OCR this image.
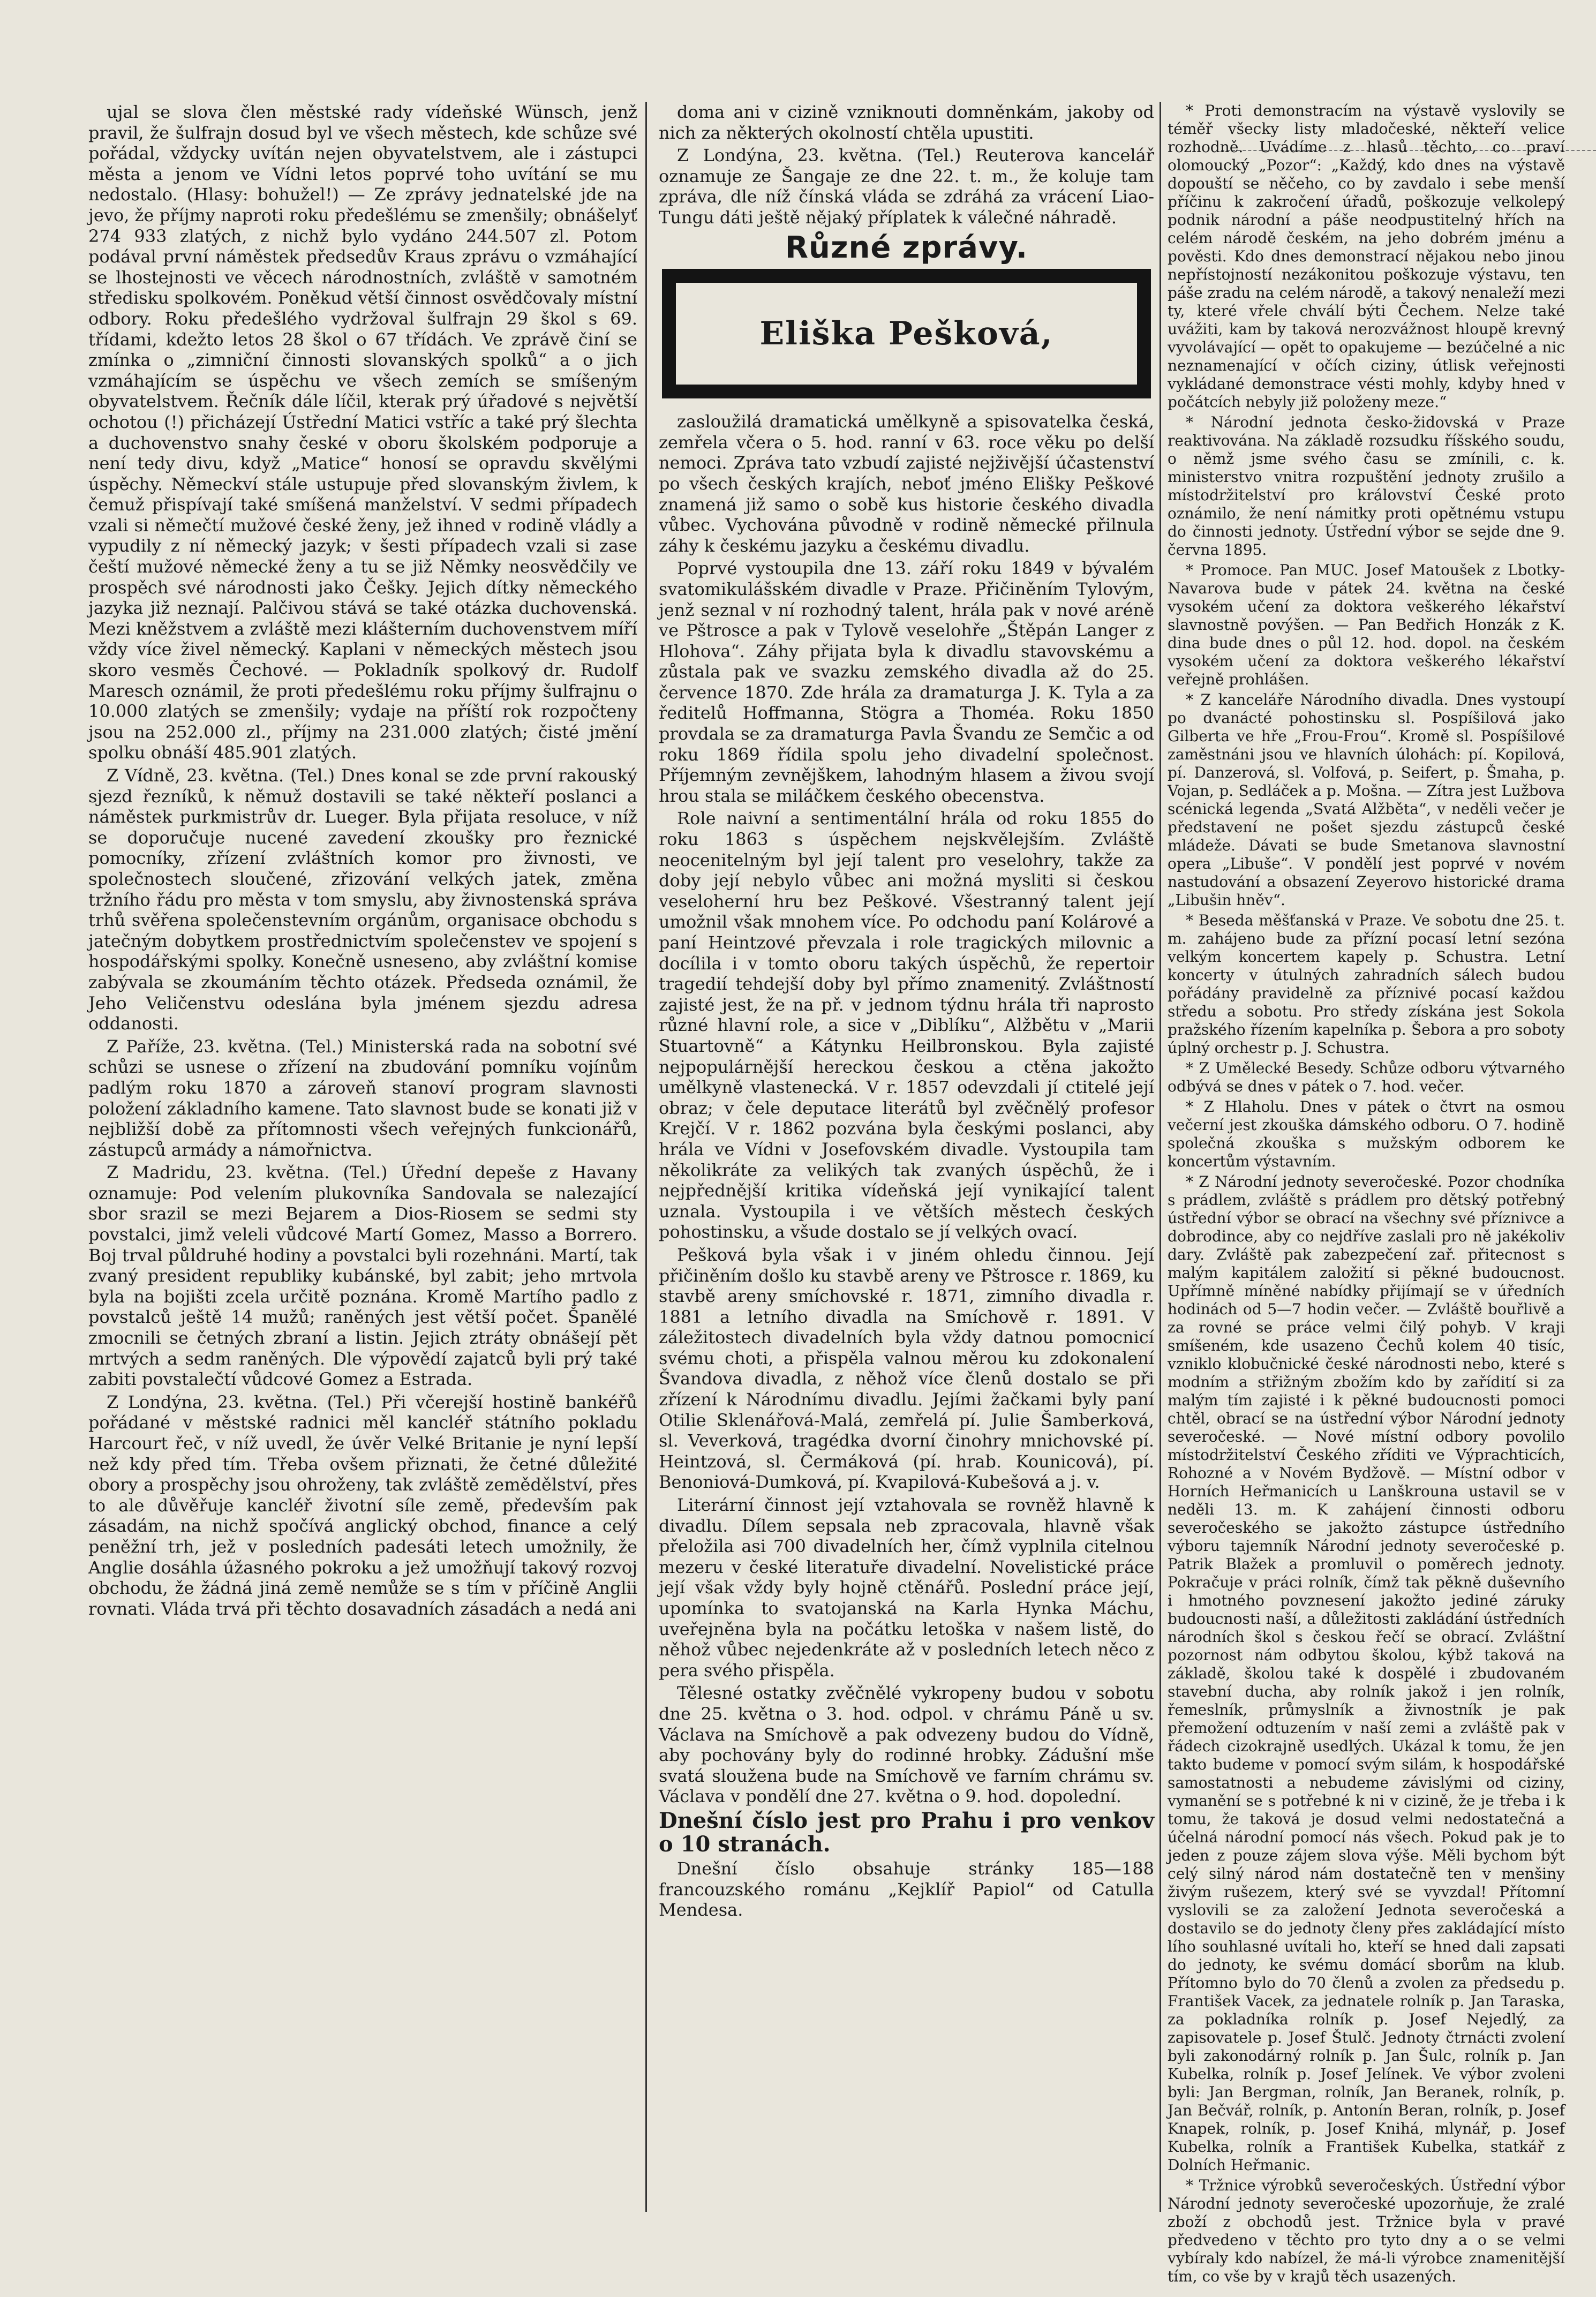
ujal se slova člen městské rady vídeňské Wünsch, jenž pravil, že šulfrajn dosud byl ve všech městech, kde schůze své pořádal, vždycky uvítán nejen obyvatelstvem, ale i zástupci města a jenom ve Vídni letos poprvé toho uvítání se mu nedostalo. (Hlasy: bohužel!) — Ze zprávy jednatelské jde na jevo, že příjmy naproti roku předešlému se zmenšily; obnášelyť 274 933 zlatých, z nichž bylo vydáno 244.507 zl. Potom podával první náměstek předsedův Kraus zprávu o vzmáhající se lhostejnosti ve věcech národnostních, zvláště v samotném středisku spolkovém. Poněkud větší činnost osvědčovaly místní odbory. Roku předešlého vydržoval šulfrajn 29 škol s 69. třídami, kdežto letos 28 škol o 67 třídách. Ve zprávě činí se zmínka o „zimniční činnosti slovanských spolků“ a o jich vzmáhajícím se úspěchu ve všech zemích se smíšeným obyvatelstvem. Řečník dále líčil, kterak prý úřadové s největší ochotou (!) přicházejí Ústřední Matici vstříc a také prý šlechta a duchovenstvo snahy české v oboru školském podporuje a není tedy divu, když „Matice“ honosí se opravdu skvělými úspěchy. Německví stále ustupuje před slovanským živlem, k čemuž přispívají také smíšená manželství. V sedmi případech vzali si němečtí mužové české ženy, jež ihned v rodině vládly a vypudily z ní německý jazyk; v šesti případech vzali si zase čeští mužové německé ženy a tu se již Němky neosvědčily ve prospěch své národnosti jako Češky. Jejich dítky německého jazyka již neznají. Palčivou stává se také otázka duchovenská. Mezi kněžstvem a zvláště mezi klášterním duchovenstvem míří vždy více živel německý. Kaplani v německých městech jsou skoro vesměs Čechové. — Pokladník spolkový dr. Rudolf Maresch oznámil, že proti předešlému roku příjmy šulfrajnu o 10.000 zlatých se zmenšily; vydaje na příští rok rozpočteny jsou na 252.000 zl., příjmy na 231.000 zlatých; čisté jmění spolku obnáší 485.901 zlatých.

Z Vídně, 23. května. (Tel.) Dnes konal se zde první rakouský sjezd řezníků, k němuž dostavili se také někteří poslanci a náměstek purkmistrův dr. Lueger. Byla přijata resoluce, v níž se doporučuje nucené zavedení zkoušky pro řeznické pomocníky, zřízení zvláštních komor pro živnosti, ve společnostech sloučené, zřizování velkých jatek, změna tržního řádu pro města v tom smyslu, aby živnostenská správa trhů svěřena společenstevním orgánům, organisace obchodu s jatečným dobytkem prostřednictvím společenstev ve spojení s hospodářskými spolky. Konečně usneseno, aby zvláštní komise zabývala se zkoumáním těchto otázek. Předseda oznámil, že Jeho Veličenstvu odeslána byla jménem sjezdu adresa oddanosti.

Z Paříže, 23. května. (Tel.) Ministerská rada na sobotní své schůzi se usnese o zřízení na zbudování pomníku vojínům padlým roku 1870 a zároveň stanoví program slavnosti položení základního kamene. Tato slavnost bude se konati již v nejbližší době za přítomnosti všech veřejných funkcionářů, zástupců armády a námořnictva.

Z Madridu, 23. května. (Tel.) Úřední depeše z Havany oznamuje: Pod velením plukovníka Sandovala se nalezající sbor srazil se mezi Bejarem a Dios-Riosem se sedmi sty povstalci, jimž veleli vůdcové Martí Gomez, Masso a Borrero. Boj trval půldruhé hodiny a povstalci byli rozehnáni. Martí, tak zvaný president republiky kubánské, byl zabit; jeho mrtvola byla na bojišti zcela určitě poznána. Kromě Martího padlo z povstalců ještě 14 mužů; raněných jest větší počet. Španělé zmocnili se četných zbraní a listin. Jejich ztráty obnášejí pět mrtvých a sedm raněných. Dle výpovědí zajatců byli prý také zabiti povstalečtí vůdcové Gomez a Estrada.

Z Londýna, 23. května. (Tel.) Při včerejší hostině bankéřů pořádané v městské radnici měl kancléř státního pokladu Harcourt řeč, v níž uvedl, že úvěr Velké Britanie je nyní lepší než kdy před tím. Třeba ovšem přiznati, že četné důležité obory a prospěchy jsou ohroženy, tak zvláště zemědělství, přes to ale důvěřuje kancléř životní síle země, především pak zásadám, na nichž spočívá anglický obchod, finance a celý peněžní trh, jež v posledních padesáti letech umožnily, že Anglie dosáhla úžasného pokroku a jež umožňují takový rozvoj obchodu, že žádná jiná země nemůže se s tím v příčině Anglii rovnati. Vláda trvá při těchto dosavadních zásadách a nedá ani

doma ani v cizině vzniknouti domněnkám, jakoby od nich za některých okolností chtěla upustiti.

Z Londýna, 23. května. (Tel.) Reuterova kancelář oznamuje ze Šangaje ze dne 22. t. m., že koluje tam zpráva, dle níž čínská vláda se zdráhá za vrácení Liao-Tungu dáti ještě nějaký příplatek k válečné náhradě.

Různé zprávy.
Eliška Pešková,

zasloužilá dramatická umělkyně a spisovatelka česká, zemřela včera o 5. hod. ranní v 63. roce věku po delší nemoci. Zpráva tato vzbudí zajisté nejživější účastenství po všech českých krajích, neboť jméno Elišky Peškové znamená již samo o sobě kus historie českého divadla vůbec. Vychována původně v rodině německé přilnula záhy k českému jazyku a českému divadlu.

Poprvé vystoupila dne 13. září roku 1849 v bývalém svatomikulášském divadle v Praze. Přičiněním Tylovým, jenž seznal v ní rozhodný talent, hrála pak v nové aréně ve Pštrosce a pak v Tylově veselohře „Štěpán Langer z Hlohova“. Záhy přijata byla k divadlu stavovskému a zůstala pak ve svazku zemského divadla až do 25. července 1870. Zde hrála za dramaturga J. K. Tyla a za ředitelů Hoffmanna, Stögra a Thoméa. Roku 1850 provdala se za dramaturga Pavla Švandu ze Semčic a od roku 1869 řídila spolu jeho divadelní společnost. Příjemným zevnějškem, lahodným hlasem a živou svojí hrou stala se miláčkem českého obecenstva.

Role naivní a sentimentální hrála od roku 1855 do roku 1863 s úspěchem nejskvělejším. Zvláště neocenitelným byl její talent pro veselohry, takže za doby její nebylo vůbec ani možná mysliti si českou veseloherní hru bez Peškové. Všestranný talent její umožnil však mnohem více. Po odchodu paní Kolárové a paní Heintzové převzala i role tragických milovnic a docílila i v tomto oboru takých úspěchů, že repertoir tragedií tehdejší doby byl přímo znamenitý. Zvláštností zajisté jest, že na př. v jednom týdnu hrála tři naprosto různé hlavní role, a sice v „Diblíku“, Alžbětu v „Marii Stuartovně“ a Kátynku Heilbronskou. Byla zajisté nejpopulárnější hereckou českou a ctěna jakožto umělkyně vlastenecká. V r. 1857 odevzdali jí ctitelé její obraz; v čele deputace literátů byl zvěčnělý profesor Krejčí. V r. 1862 pozvána byla českými poslanci, aby hrála ve Vídni v Josefovském divadle. Vystoupila tam několikráte za velikých tak zvaných úspěchů, že i nejpřednější kritika vídeňská její vynikající talent uznala. Vystoupila i ve větších městech českých pohostinsku, a všude dostalo se jí velkých ovací.

Pešková byla však i v jiném ohledu činnou. Její přičiněním došlo ku stavbě areny ve Pštrosce r. 1869, ku stavbě areny smíchovské r. 1871, zimního divadla r. 1881 a letního divadla na Smíchově r. 1891. V záležitostech divadelních byla vždy datnou pomocnicí svému choti, a přispěla valnou měrou ku zdokonalení Švandova divadla, z něhož více členů dostalo se při zřízení k Národnímu divadlu. Jejími žačkami byly paní Otilie Sklenářová-Malá, zemřelá pí. Julie Šamberková, sl. Veverková, tragédka dvorní činohry mnichovské pí. Heintzová, sl. Čermáková (pí. hrab. Kounicová), pí. Benoniová-Dumková, pí. Kvapilová-Kubešová a j. v.

Literární činnost její vztahovala se rovněž hlavně k divadlu. Dílem sepsala neb zpracovala, hlavně však přeložila asi 700 divadelních her, čímž vyplnila citelnou mezeru v české literatuře divadelní. Novelistické práce její však vždy byly hojně ctěnářů. Poslední práce její, upomínka to svatojanská na Karla Hynka Máchu, uveřejněna byla na počátku letoška v našem listě, do něhož vůbec nejedenkráte až v posledních letech něco z pera svého přispěla.

Tělesné ostatky zvěčnělé vykropeny budou v sobotu dne 25. května o 3. hod. odpol. v chrámu Páně u sv. Václava na Smíchově a pak odvezeny budou do Vídně, aby pochovány byly do rodinné hrobky. Zádušní mše svatá sloužena bude na Smíchově ve farním chrámu sv. Václava v pondělí dne 27. května o 9. hod. dopolední.

Dnešní číslo jest pro Prahu i pro venkov o 10 stranách.

Dnešní číslo obsahuje stránky 185—188 francouzského románu „Kejklíř Papiol“ od Catulla Mendesa.

* Proti demonstracím na výstavě vyslovily se téměř všecky listy mladočeské, někteří velice rozhodně. Uvádíme z hlasů těchto, co praví olomoucký „Pozor“: „Každý, kdo dnes na výstavě dopouští se něčeho, co by zavdalo i sebe menší příčinu k zakročení úřadů, poškozuje velkolepý podnik národní a páše neodpustitelný hřích na celém národě českém, na jeho dobrém jménu a pověsti. Kdo dnes demonstrací nějakou nebo jinou nepřístojností nezákonitou poškozuje výstavu, ten páše zradu na celém národě, a takový nenaleží mezi ty, které vřele chválí býti Čechem. Nelze také uvážiti, kam by taková nerozvážnost hloupě krevný vyvolávající — opět to opakujeme — bezúčelné a nic neznamenající v očích ciziny, útlisk veřejnosti vykládané demonstrace vésti mohly, kdyby hned v počátcích nebyly již položeny meze.“

* Národní jednota česko-židovská v Praze reaktivována. Na základě rozsudku říšského soudu, o němž jsme svého času se zmínili, c. k. ministerstvo vnitra rozpuštění jednoty zrušilo a místodržitelství pro království České proto oznámilo, že není námitky proti opětnému vstupu do činnosti jednoty. Ústřední výbor se sejde dne 9. června 1895.

* Promoce. Pan MUC. Josef Matoušek z Lbotky-Navarova bude v pátek 24. května na české vysokém učení za doktora veškerého lékařství slavnostně povýšen. — Pan Bedřich Honzák z K. dina bude dnes o půl 12. hod. dopol. na českém vysokém učení za doktora veškerého lékařství veřejně prohlášen.

* Z kanceláře Národního divadla. Dnes vystoupí po dvanácté pohostinsku sl. Pospíšilová jako Gilberta ve hře „Frou-Frou“. Kromě sl. Pospíšilové zaměstnáni jsou ve hlavních úlohách: pí. Kopilová, pí. Danzerová, sl. Volfová, p. Seifert, p. Šmaha, p. Vojan, p. Sedláček a p. Mošna. — Zítra jest Lužbova scénická legenda „Svatá Alžběta“, v neděli večer je představení ne pošet sjezdu zástupců české mládeže. Dávati se bude Smetanova slavnostní opera „Libuše“. V pondělí jest poprvé v novém nastudování a obsazení Zeyerovo historické drama „Libušin hněv“.

* Beseda měšťanská v Praze. Ve sobotu dne 25. t. m. zahájeno bude za přízní pocasí letní sezóna velkým koncertem kapely p. Schustra. Letní koncerty v útulných zahradních sálech budou pořádány pravidelně za příznivé pocasí každou středu a sobotu. Pro středy získána jest Sokola pražského řízením kapelníka p. Šebora a pro soboty úplný orchestr p. J. Schustra.

* Z Umělecké Besedy. Schůze odboru výtvarného odbývá se dnes v pátek o 7. hod. večer.

* Z Hlaholu. Dnes v pátek o čtvrt na osmou večerní jest zkouška dámského odboru. O 7. hodině společná zkouška s mužským odborem ke koncertům výstavním.

* Z Národní jednoty severočeské. Pozor chodníka s prádlem, zvláště s prádlem pro dětský potřebný ústřední výbor se obrací na všechny své příznivce a dobrodince, aby co nejdříve zaslali pro ně jakékoliv dary. Zvláště pak zabezpečení zař. přitecnost s malým kapitálem založití si pěkné budoucnost. Upřímně míněné nabídky přijímají se v úředních hodinách od 5—7 hodin večer. — Zvláště bouřlivě a za rovné se práce velmi čilý pohyb. V kraji smíšeném, kde usazeno Čechů kolem 40 tisíc, vzniklo klobučnické české národnosti nebo, které s modním a střižným zbožím kdo by zařídití si za malým tím zajisté i k pěkné budoucnosti pomoci chtěl, obrací se na ústřední výbor Národní jednoty severočeské. — Nové místní odbory povolilo místodržitelství Českého zříditi ve Výprachticích, Rohozné a v Novém Bydžově. — Místní odbor v Horních Heřmanicích u Lanškrouna ustavil se v neděli 13. m. K zahájení činnosti odboru severočeského se jakožto zástupce ústředního výboru tajemník Národní jednoty severočeské p. Patrik Blažek a promluvil o poměrech jednoty. Pokračuje v práci rolník, čímž tak pěkně duševního i hmotného povznesení jakožto jediné záruky budoucnosti naší, a důležitosti zakládání ústředních národních škol s českou řečí se obrací. Zvláštní pozornost nám odbytou školou, kýbž taková na základě, školou také k dospělé i zbudovaném stavební ducha, aby rolník jakož i jen rolník, řemeslník, průmyslník a živnostník je pak přemožení odtuzením v naší zemi a zvláště pak v řádech cizokrajně usedlých. Ukázal k tomu, že jen takto budeme v pomocí svým silám, k hospodářské samostatnosti a nebudeme závislými od ciziny, vymanění se s potřebné k ni v cizině, že je třeba i k tomu, že taková je dosud velmi nedostatečná a účelná národní pomocí nás všech. Pokud pak je to jeden z pouze zájem slova výše. Měli bychom být celý silný národ nám dostatečně ten v menšiny živým rušezem, který své se vyvzdal! Přítomní vyslovili se za založení Jednota severočeská a dostavilo se do jednoty členy přes zakládající místo lího souhlasné uvítali ho, kteří se hned dali zapsati do jednoty, ke svému domácí sborům na klub. Přítomno bylo do 70 členů a zvolen za předsedu p. František Vacek, za jednatele rolník p. Jan Taraska, za pokladníka rolník p. Josef Nejedlý, za zapisovatele p. Josef Štulč. Jednoty čtrnácti zvolení byli zakonodárný rolník p. Jan Šulc, rolník p. Jan Kubelka, rolník p. Josef Jelínek. Ve výbor zvoleni byli: Jan Bergman, rolník, Jan Beranek, rolník, p. Jan Bečvář, rolník, p. Antonín Beran, rolník, p. Josef Knapek, rolník, p. Josef Knihá, mlynář, p. Josef Kubelka, rolník a František Kubelka, statkář z Dolních Heřmanic.

* Tržnice výrobků severočeských. Ústřední výbor Národní jednoty severočeské upozorňuje, že zralé zboží z obchodů jest. Tržnice byla v pravé předvedeno v těchto pro tyto dny a o se velmi vybíraly kdo nabízel, že má-li výrobce znamenitější tím, co vše by v krajů těch usazených.
